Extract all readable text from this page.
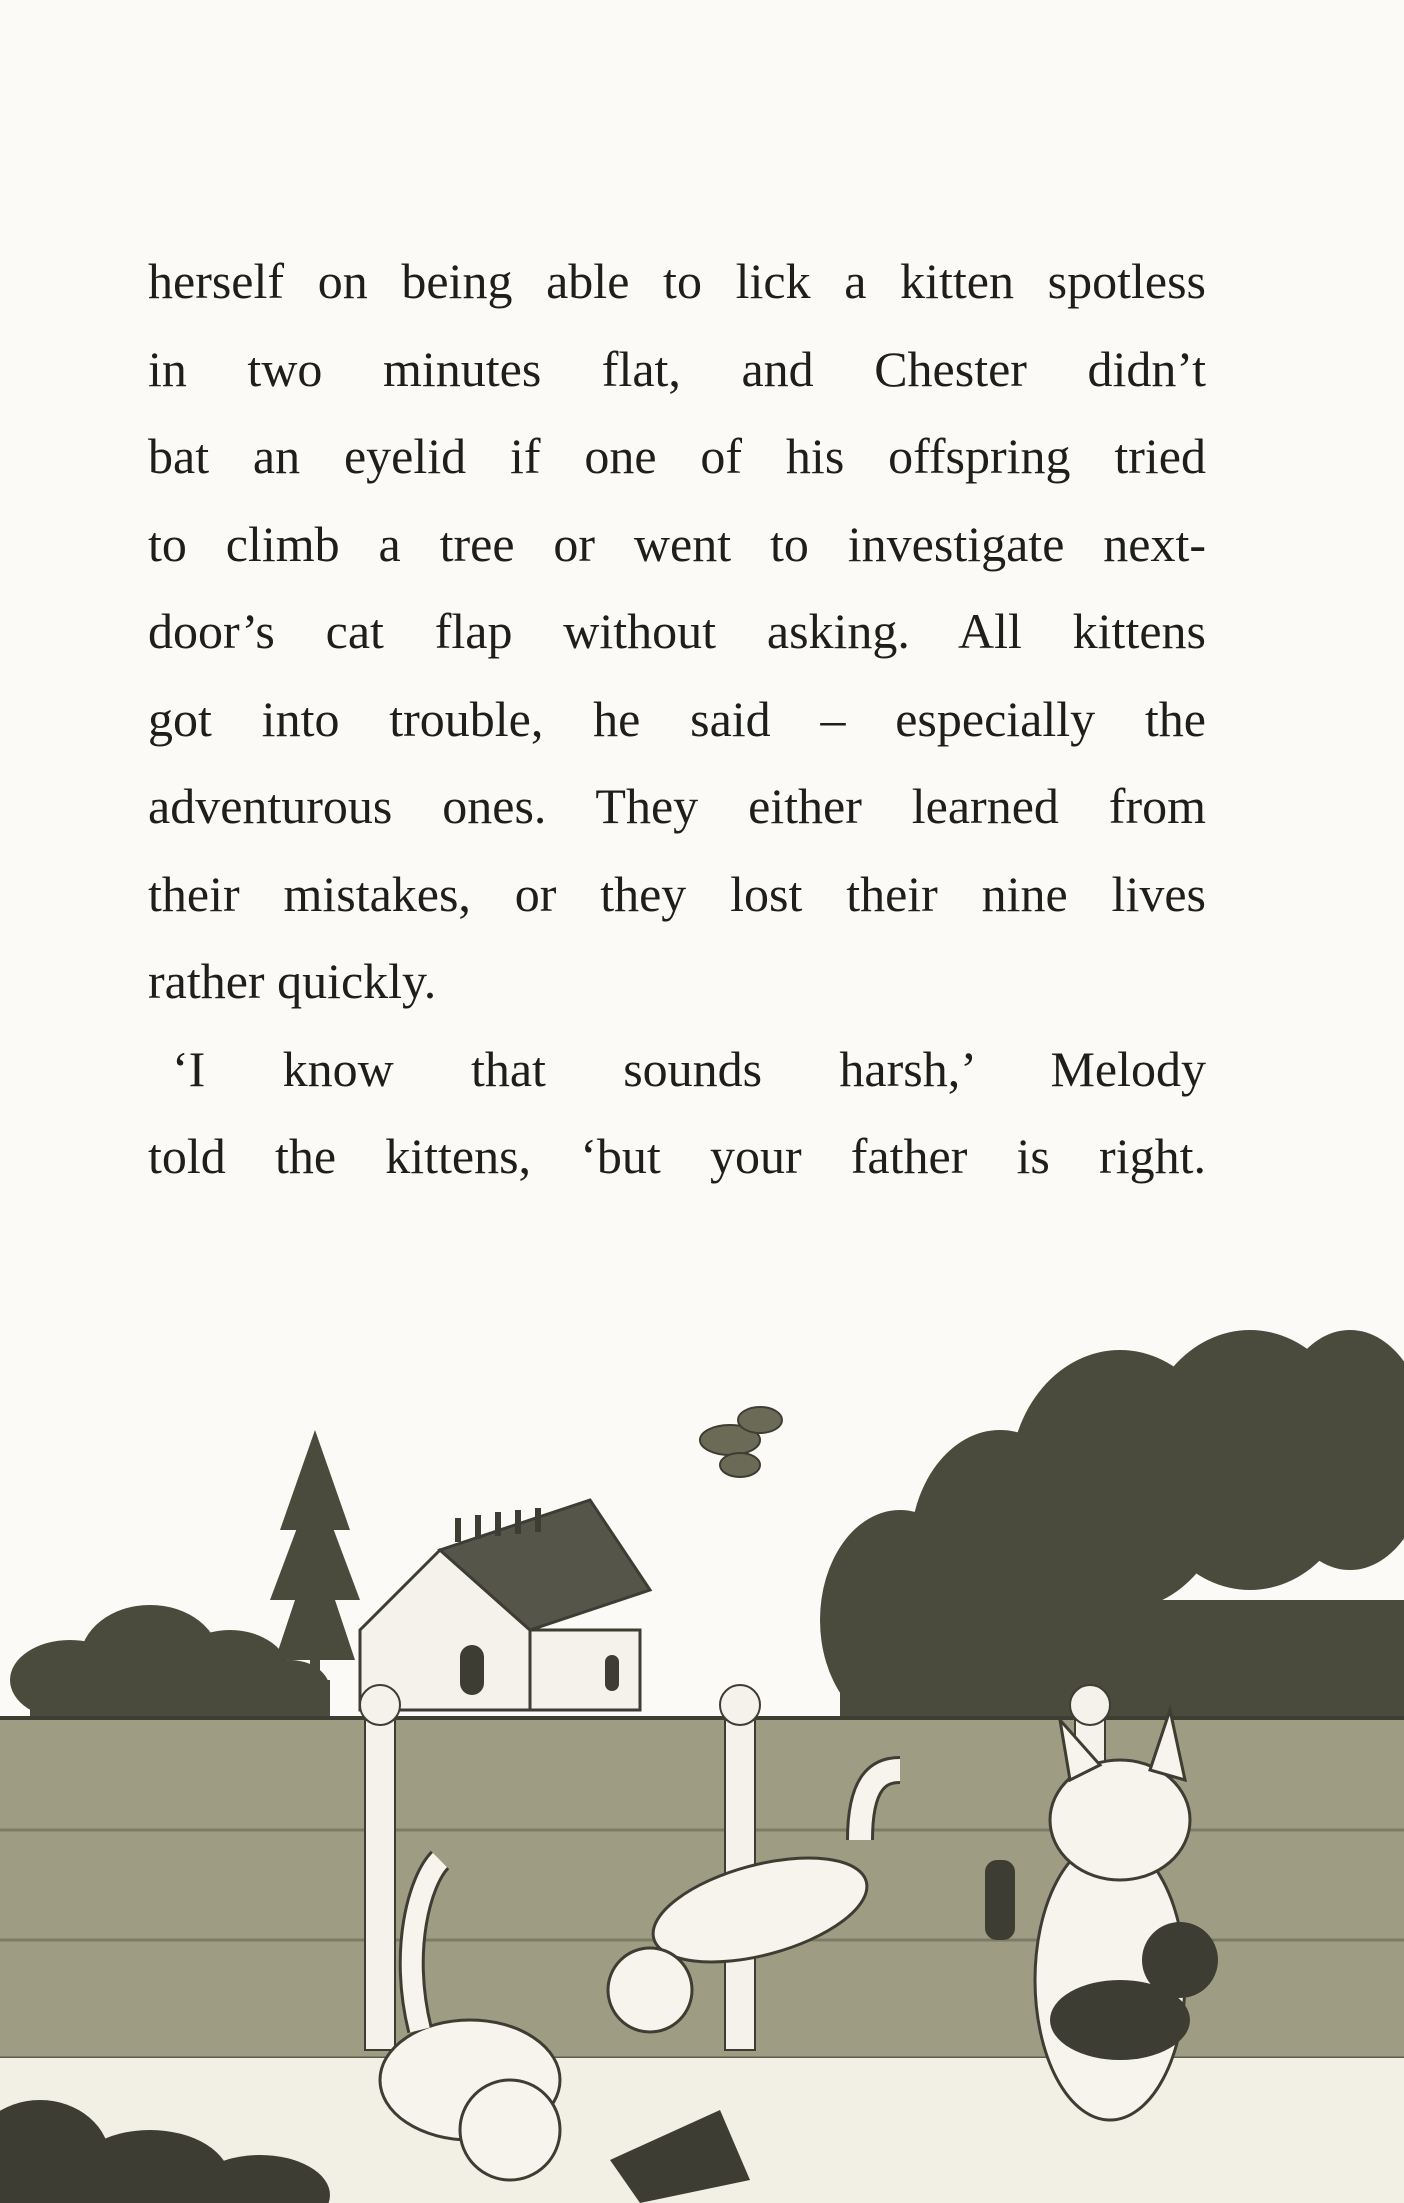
herself on being able to lick a kitten spotless
in two minutes flat, and Chester didn’t
bat an eyelid if one of his offspring tried
to climb a tree or went to investigate next-
door’s cat flap without asking. All kittens
got into trouble, he said – especially the
adventurous ones. They either learned from
their mistakes, or they lost their nine lives
rather quickly.
‘I know that sounds harsh,’ Melody
told the kittens, ‘but your father is right.
